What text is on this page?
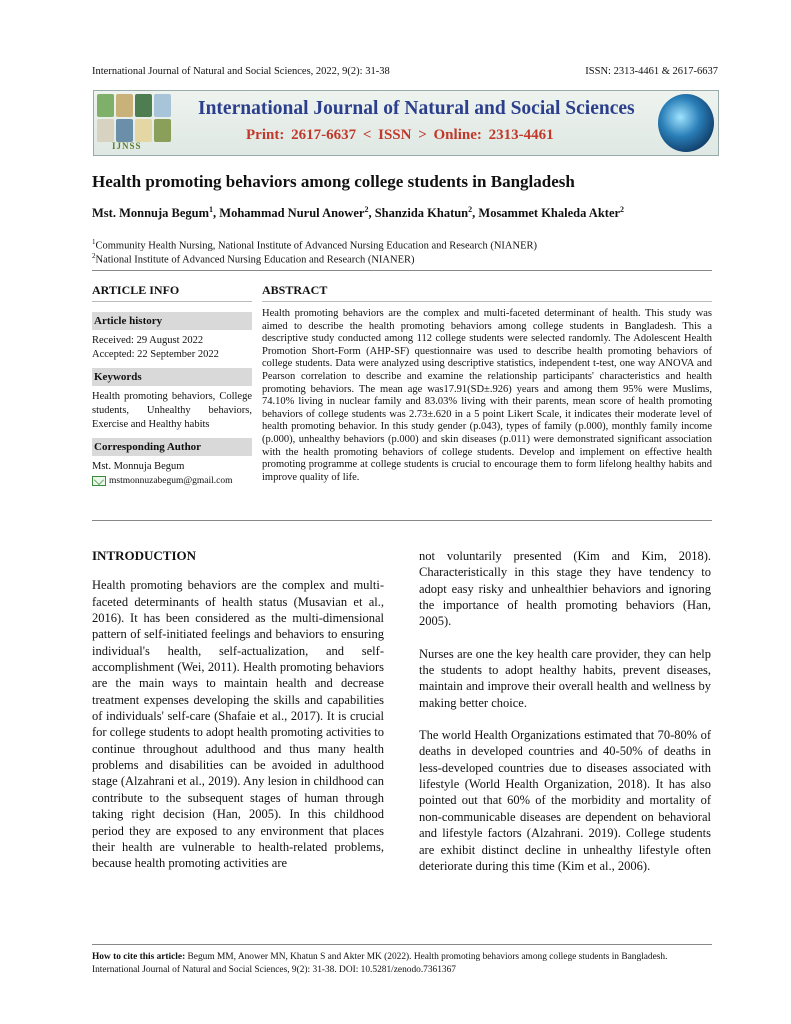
International Journal of Natural and Social Sciences, 2022, 9(2): 31-38	ISSN: 2313-4461 & 2617-6637
IJNSS
International Journal of Natural and Social Sciences
Print: 2617-6637 < ISSN > Online: 2313-4461
Health promoting behaviors among college students in Bangladesh
Mst. Monnuja Begum$^1$, Mohammad Nurul Anower$^2$, Shanzida Khatun$^2$, Mosammet Khaleda Akter$^2$
$^1$Community Health Nursing, National Institute of Advanced Nursing Education and Research (NIANER)
$^2$National Institute of Advanced Nursing Education and Research (NIANER)
ARTICLE INFO
Article history
Received: 29 August 2022
Accepted: 22 September 2022
Keywords
Health promoting behaviors, College students, Unhealthy behaviors, Exercise and Healthy habits
Corresponding Author
Mst. Monnuja Begum
mstmonnuzabegum@gmail.com
ABSTRACT
Health promoting behaviors are the complex and multi-faceted determinant of health. This study was aimed to describe the health promoting behaviors among college students in Bangladesh. This a descriptive study conducted among 112 college students were selected randomly. The Adolescent Health Promotion Short-Form (AHP-SF) questionnaire was used to describe health promoting behaviors of college students. Data were analyzed using descriptive statistics, independent t-test, one way ANOVA and Pearson correlation to describe and examine the relationship participants' characteristics and health promoting behaviors. The mean age was17.91(SD±.926) years and among them 95% were Muslims, 74.10% living in nuclear family and 83.03% living with their parents, mean score of health promoting behaviors of college students was 2.73±.620 in a 5 point Likert Scale, it indicates their moderate level of health promoting behavior. In this study gender (p.043), types of family (p.000), monthly family income (p.000), unhealthy behaviors (p.000) and skin diseases (p.011) were demonstrated significant association with the health promoting behaviors of college students. Develop and implement on effective health promoting programme at college students is crucial to encourage them to form lifelong healthy habits and improve quality of life.
INTRODUCTION

Health promoting behaviors are the complex and multi-faceted determinants of health status (Musavian et al., 2016). It has been considered as the multi-dimensional pattern of self-initiated feelings and behaviors to ensuring individual's health, self-actualization, and self-accomplishment (Wei, 2011). Health promoting behaviors are the main ways to maintain health and decrease treatment expenses developing the skills and capabilities of individuals' self-care (Shafaie et al., 2017). It is crucial for college students to adopt health promoting activities to continue throughout adulthood and thus many health problems and disabilities can be avoided in adulthood stage (Alzahrani et al., 2019). Any lesion in childhood can contribute to the subsequent stages of human through taking right decision (Han, 2005). In this childhood period they are exposed to any environment that places their health are vulnerable to health-related problems, because health promoting activities are

not voluntarily presented (Kim and Kim, 2018). Characteristically in this stage they have tendency to adopt easy risky and unhealthier behaviors and ignoring the importance of health promoting behaviors (Han, 2005).

Nurses are one the key health care provider, they can help the students to adopt healthy habits, prevent diseases, maintain and improve their overall health and wellness by making better choice.

The world Health Organizations estimated that 70-80% of deaths in developed countries and 40-50% of deaths in less-developed countries due to diseases associated with lifestyle (World Health Organization, 2018). It has also pointed out that 60% of the morbidity and mortality of non-communicable diseases are dependent on behavioral and lifestyle factors (Alzahrani. 2019). College students are exhibit distinct decline in unhealthy lifestyle often deteriorate during this time (Kim et al., 2006).

How to cite this article: Begum MM, Anower MN, Khatun S and Akter MK (2022). Health promoting behaviors among college students in Bangladesh. International Journal of Natural and Social Sciences, 9(2): 31-38. DOI: 10.5281/zenodo.7361367
